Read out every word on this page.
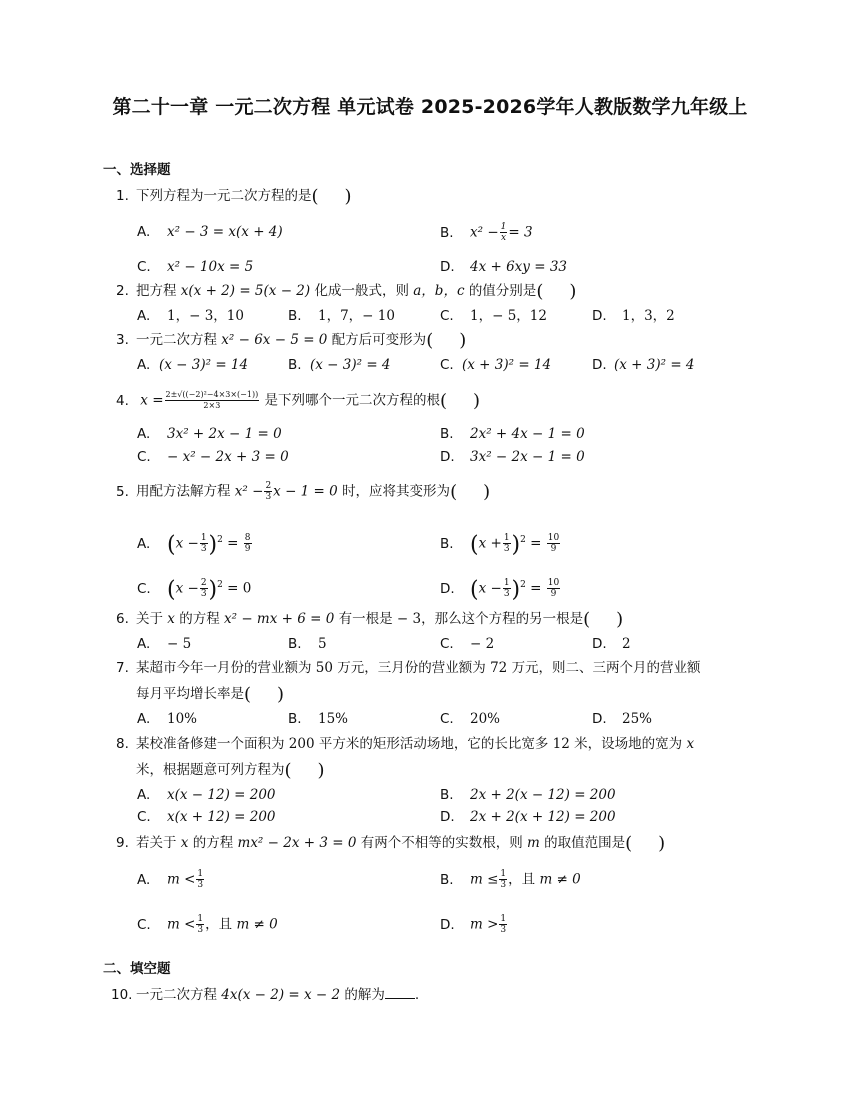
第二十一章 一元二次方程 单元试卷 2025-2026学年人教版数学九年级上
一、选择题
1. 下列方程为一元二次方程的是( )
A. x² − 3 = x(x + 4)	B. $x^2 - \frac{1}{x} = 3$
C. x² − 10x = 5	D. 4x + 6xy = 33
2. 把方程 x(x + 2) = 5(x − 2) 化成一般式，则 a，b，c 的值分别是( )
A. 1，− 3，10	B. 1，7，− 10	C. 1，− 5，12	D. 1，3，2
3. 一元二次方程 x² − 6x − 5 = 0 配方后可变形为( )
A. (x − 3)² = 14	B. (x − 3)² = 4	C. (x + 3)² = 14	D. (x + 3)² = 4
4. $x = \frac{\text{2±√((−2)²−4×3×(−1))}}{2\times 3}$ 是下列哪个一元二次方程的根( )
A. 3x² + 2x − 1 = 0	B. 2x² + 4x − 1 = 0
C. − x² − 2x + 3 = 0	D. 3x² − 2x − 1 = 0
5. 用配方法解方程 $x^2 - \frac{2}{3}$ x − 1 = 0 时，应将其变形为( )
A. $(x - \frac{1}{3} )^2 = \frac{8}{9}$	B. $(x + \frac{1}{3} )^2 = \frac{10}{9}$
C. $(x - \frac{2}{3} )^2 = 0$	D. $(x - \frac{1}{3} )^2 = \frac{10}{9}$
6. 关于 x 的方程 x² − mx + 6 = 0 有一根是 − 3，那么这个方程的另一根是( )
A. − 5	B. 5	C. − 2	D. 2
7. 某超市今年一月份的营业额为 50 万元，三月份的营业额为 72 万元，则二、三两个月的营业额
每月平均增长率是( )
A. 10%	B. 15%	C. 20%	D. 25%
8. 某校准备修建一个面积为 200 平方米的矩形活动场地，它的长比宽多 12 米，设场地的宽为 x
米，根据题意可列方程为( )
A. x(x − 12) = 200	B. 2x + 2(x − 12) = 200
C. x(x + 12) = 200	D. 2x + 2(x + 12) = 200
9. 若关于 x 的方程 mx² − 2x + 3 = 0 有两个不相等的实数根，则 m 的取值范围是( )
A. $m < \frac{1}{3}$	B. $m \le \frac{1}{3}$ ，且 m ≠ 0
C. $m < \frac{1}{3}$ ，且 m ≠ 0	D. $m > \frac{1}{3}$
二、填空题
10. 一元二次方程 4x(x − 2) = x − 2 的解为 .
